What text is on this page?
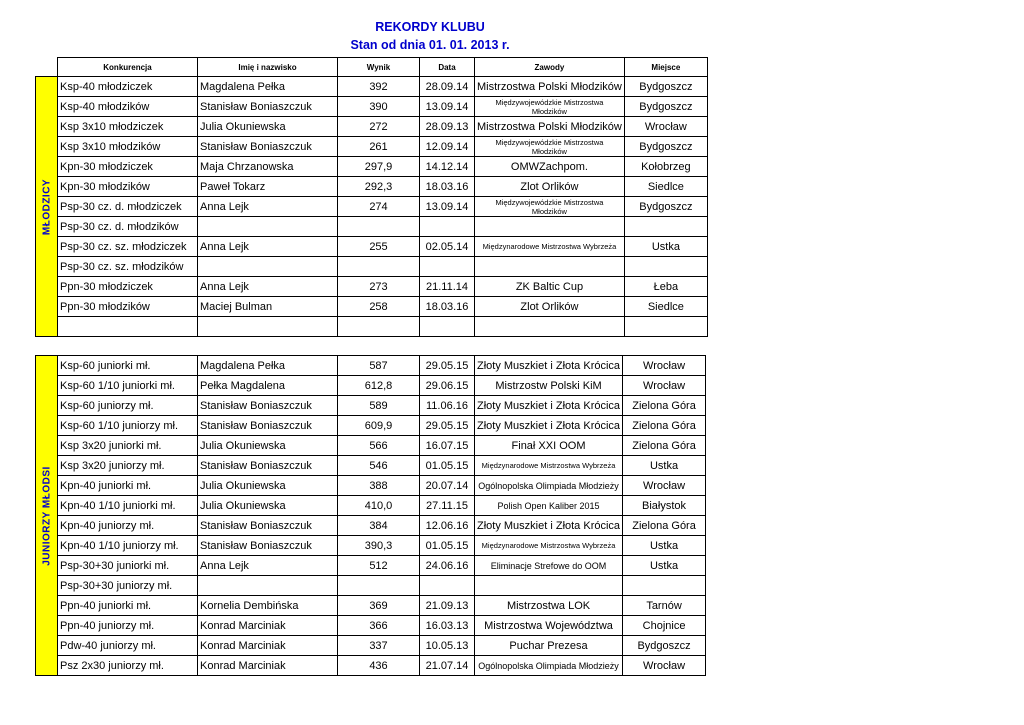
REKORDY KLUBU
Stan od dnia 01. 01. 2013 r.
	Konkurencja	Imię i nazwisko	Wynik	Data	Zawody	Miejsce

MŁODZICY	Ksp-40 młodziczek	Magdalena Pełka	392	28.09.14	Mistrzostwa Polski Młodzików	Bydgoszcz
	Ksp-40 młodzików	Stanisław Boniaszczuk	390	13.09.14	Międzywojewódzkie Mistrzostwa Młodzików	Bydgoszcz
	Ksp 3x10 młodziczek	Julia Okuniewska	272	28.09.13	Mistrzostwa Polski Młodzików	Wrocław
	Ksp 3x10 młodzików	Stanisław Boniaszczuk	261	12.09.14	Międzywojewódzkie Mistrzostwa Młodzików	Bydgoszcz
	Kpn-30 młodziczek	Maja Chrzanowska	297,9	14.12.14	OMWZachpom.	Kołobrzeg
	Kpn-30 młodzików	Paweł Tokarz	292,3	18.03.16	Zlot Orlików	Siedlce
	Psp-30 cz. d. młodziczek	Anna Lejk	274	13.09.14	Międzywojewódzkie Mistrzostwa Młodzików	Bydgoszcz
	Psp-30 cz. d. młodzików					
	Psp-30 cz. sz. młodziczek	Anna Lejk	255	02.05.14	Międzynarodowe Mistrzostwa Wybrzeża	Ustka
	Psp-30 cz. sz. młodzików					
	Ppn-30 młodziczek	Anna Lejk	273	21.11.14	ZK Baltic Cup	Łeba
	Ppn-30 młodzików	Maciej Bulman	258	18.03.16	Zlot Orlików	Siedlce

JUNIORZY MŁODSI	Ksp-60 juniorki mł.	Magdalena Pełka	587	29.05.15	Złoty Muszkiet i Złota Krócica	Wrocław
	Ksp-60 1/10 juniorki mł.	Pełka Magdalena	612,8	29.06.15	Mistrzostw Polski KiM	Wrocław
	Ksp-60 juniorzy mł.	Stanisław Boniaszczuk	589	11.06.16	Złoty Muszkiet i Złota Krócica	Zielona Góra
	Ksp-60 1/10 juniorzy mł.	Stanisław Boniaszczuk	609,9	29.05.15	Złoty Muszkiet i Złota Krócica	Zielona Góra
	Ksp 3x20 juniorki mł.	Julia Okuniewska	566	16.07.15	Finał XXI OOM	Zielona Góra
	Ksp 3x20 juniorzy mł.	Stanisław Boniaszczuk	546	01.05.15	Międzynarodowe Mistrzostwa Wybrzeża	Ustka
	Kpn-40 juniorki mł.	Julia Okuniewska	388	20.07.14	Ogólnopolska Olimpiada Młodzieży	Wrocław
	Kpn-40 1/10 juniorki mł.	Julia Okuniewska	410,0	27.11.15	Polish Open Kaliber 2015	Białystok
	Kpn-40 juniorzy mł.	Stanisław Boniaszczuk	384	12.06.16	Złoty Muszkiet i Złota Krócica	Zielona Góra
	Kpn-40 1/10 juniorzy mł.	Stanisław Boniaszczuk	390,3	01.05.15	Międzynarodowe Mistrzostwa Wybrzeża	Ustka
	Psp-30+30 juniorki mł.	Anna Lejk	512	24.06.16	Eliminacje Strefowe do OOM	Ustka
	Psp-30+30 juniorzy mł.					
	Ppn-40 juniorki mł.	Kornelia Dembińska	369	21.09.13	Mistrzostwa LOK	Tarnów
	Ppn-40 juniorzy mł.	Konrad Marciniak	366	16.03.13	Mistrzostwa Województwa	Chojnice
	Pdw-40 juniorzy mł.	Konrad Marciniak	337	10.05.13	Puchar Prezesa	Bydgoszcz
	Psz 2x30 juniorzy mł.	Konrad Marciniak	436	21.07.14	Ogólnopolska Olimpiada Młodzieży	Wrocław
